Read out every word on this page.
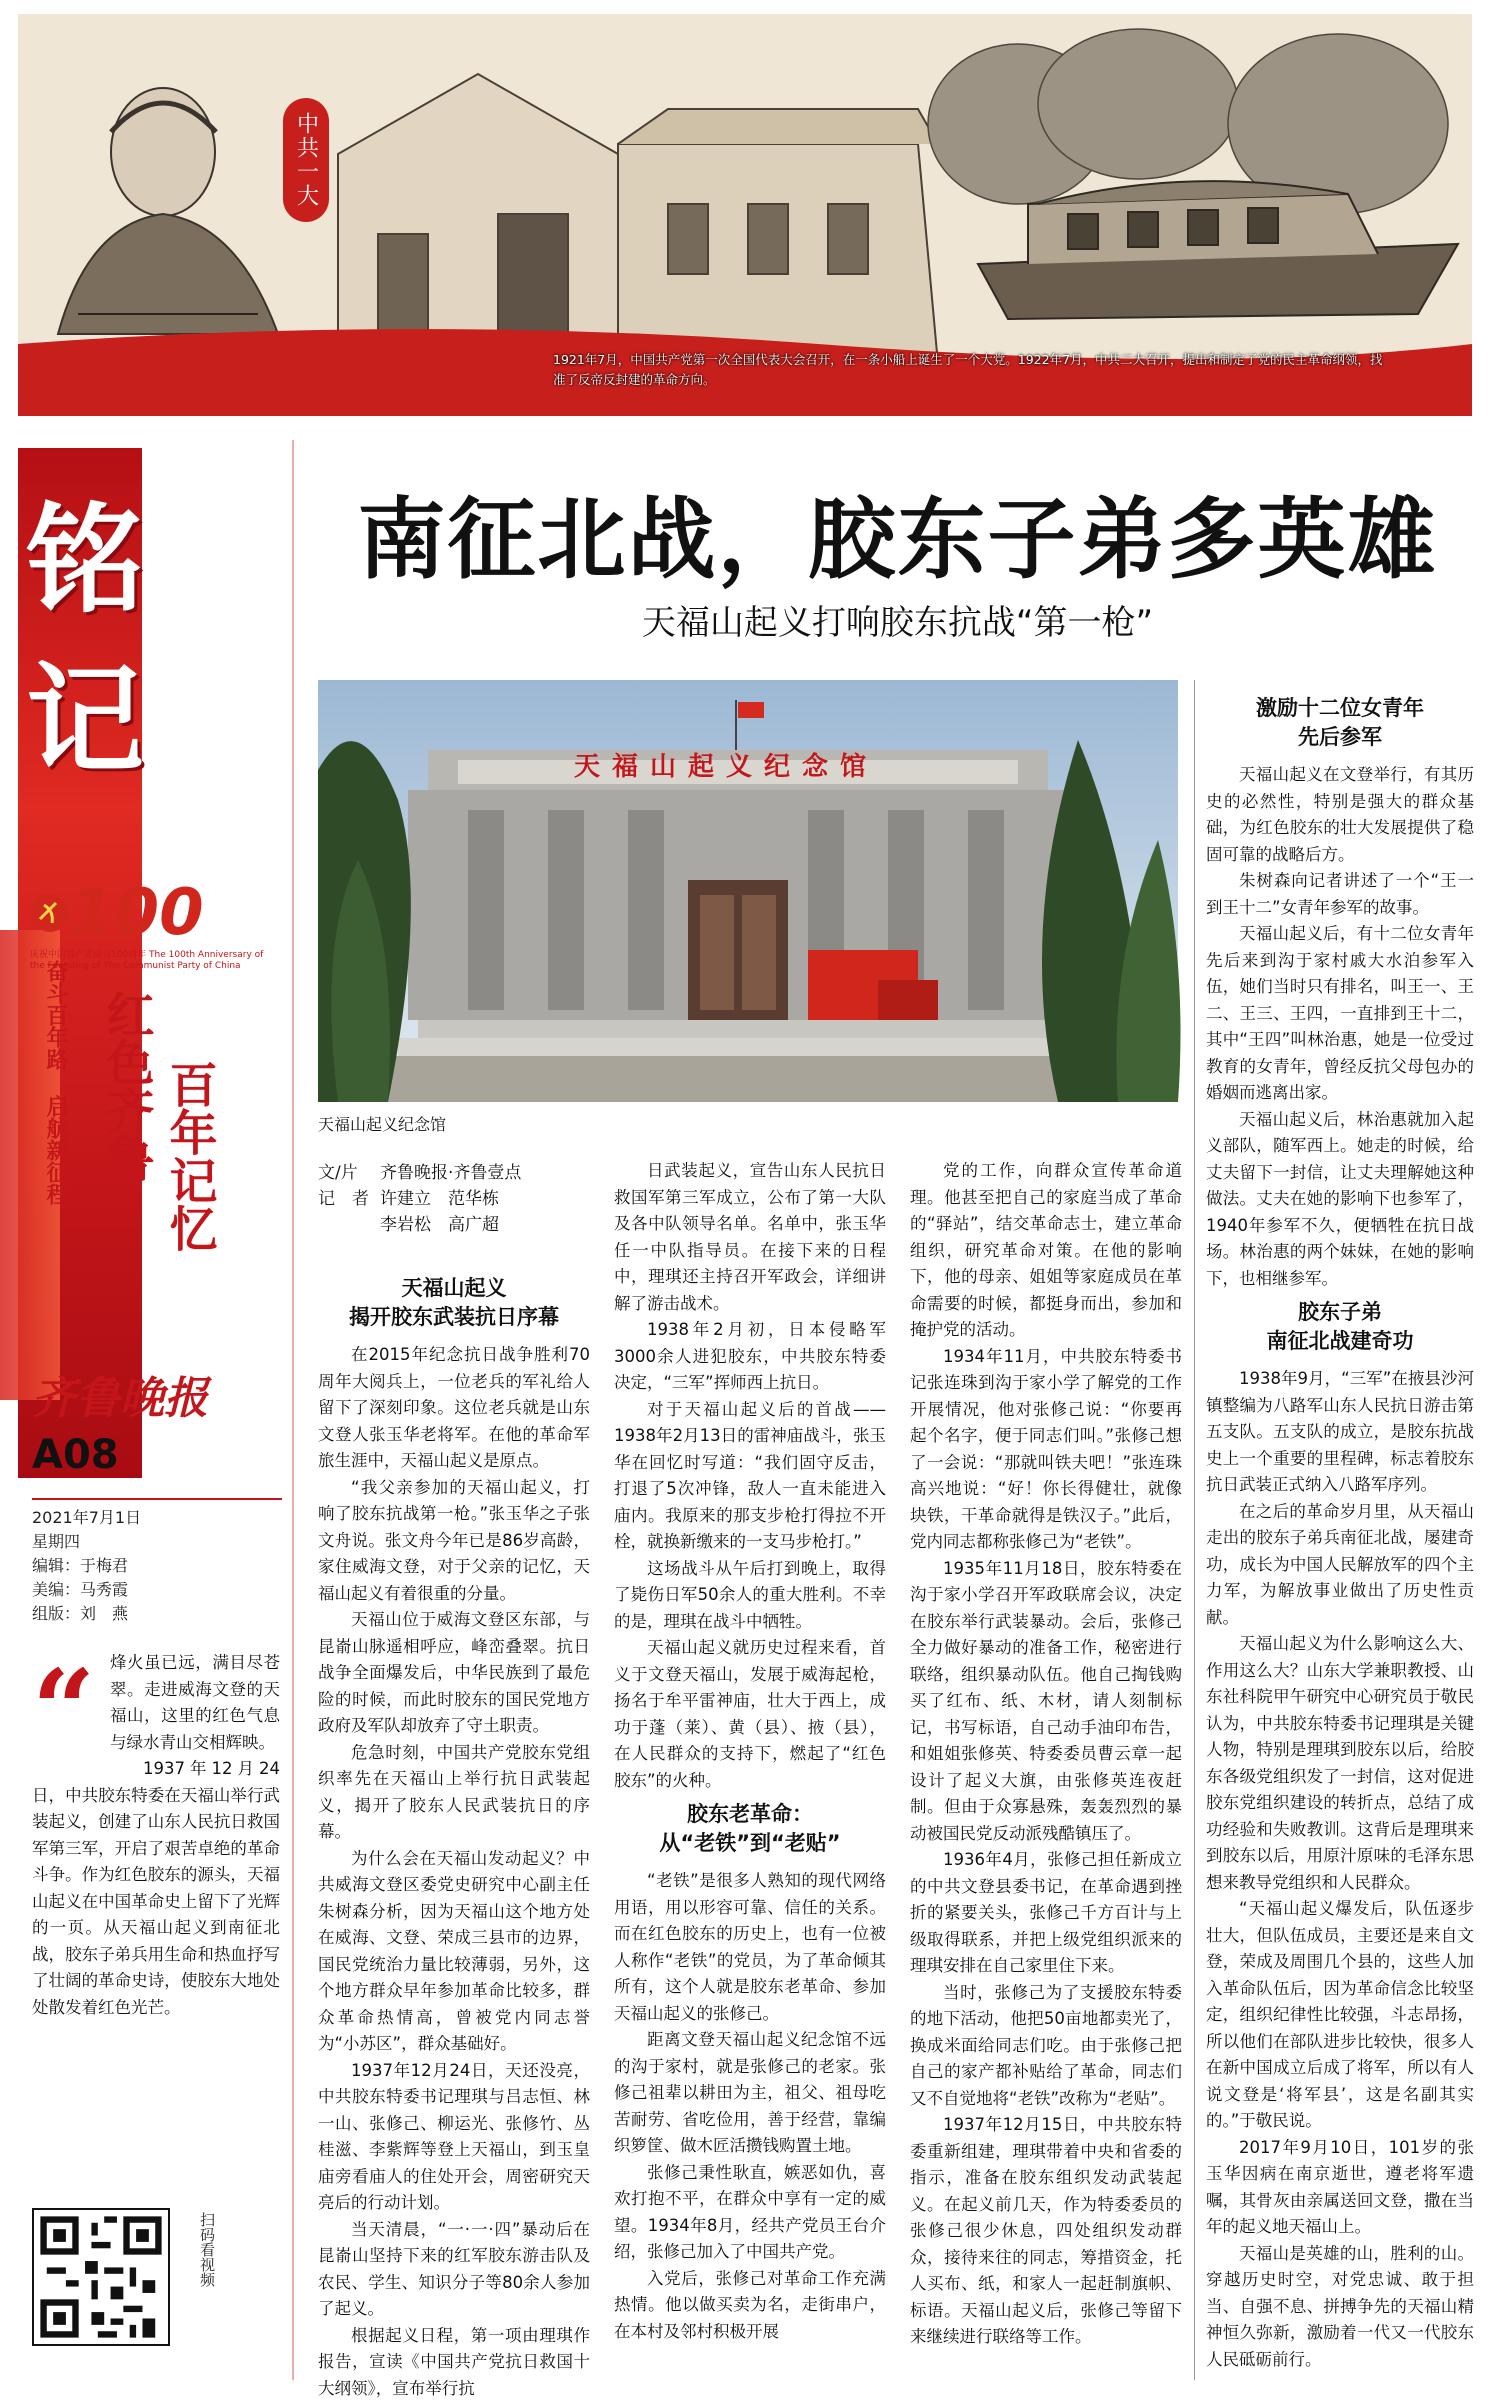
中共一大
1921年7月，中国共产党第一次全国代表大会召开，在一条小船上诞生了一个大党。1922年7月，中共二大召开，提出和制定了党的民主革命纲领，找准了反帝反封建的革命方向。
铭记
100
庆祝中国共产党成立100周年 The 100th Anniversary of the Founding of The Communist Party of China
奋斗百年路 启航新征程 红色齐鲁 百年记忆
齐鲁晚报
A08
2021年7月1日
星期四
编辑：于梅君
美编：马秀霞
组版：刘　燕
“ 烽火虽已远，满目尽苍翠。走进威海文登的天福山，这里的红色气息与绿水青山交相辉映。
1937年12月24日，中共胶东特委在天福山举行武装起义，创建了山东人民抗日救国军第三军，开启了艰苦卓绝的革命斗争。作为红色胶东的源头，天福山起义在中国革命史上留下了光辉的一页。从天福山起义到南征北战，胶东子弟兵用生命和热血抒写了壮阔的革命史诗，使胶东大地处处散发着红色光芒。
扫码看视频
南征北战，胶东子弟多英雄
天福山起义打响胶东抗战“第一枪”
天福山起义纪念馆
天福山起义纪念馆
文/片 齐鲁晚报·齐鲁壹点
记　者 许建立　范华栋
李岩松　高广超
天福山起义
揭开胶东武装抗日序幕

在2015年纪念抗日战争胜利70周年大阅兵上，一位老兵的军礼给人留下了深刻印象。这位老兵就是山东文登人张玉华老将军。在他的革命军旅生涯中，天福山起义是原点。

“我父亲参加的天福山起义，打响了胶东抗战第一枪。”张玉华之子张文舟说。张文舟今年已是86岁高龄，家住威海文登，对于父亲的记忆，天福山起义有着很重的分量。

天福山位于威海文登区东部，与昆嵛山脉遥相呼应，峰峦叠翠。抗日战争全面爆发后，中华民族到了最危险的时候，而此时胶东的国民党地方政府及军队却放弃了守土职责。

危急时刻，中国共产党胶东党组织率先在天福山上举行抗日武装起义，揭开了胶东人民武装抗日的序幕。

为什么会在天福山发动起义？中共威海文登区委党史研究中心副主任朱树森分析，因为天福山这个地方处在威海、文登、荣成三县市的边界，国民党统治力量比较薄弱，另外，这个地方群众早年参加革命比较多，群众革命热情高，曾被党内同志誉为“小苏区”，群众基础好。

1937年12月24日，天还没亮，中共胶东特委书记理琪与吕志恒、林一山、张修己、柳运光、张修竹、丛桂滋、李紫辉等登上天福山，到玉皇庙旁看庙人的住处开会，周密研究天亮后的行动计划。

当天清晨，“一·一·四”暴动后在昆嵛山坚持下来的红军胶东游击队及农民、学生、知识分子等80余人参加了起义。

根据起义日程，第一项由理琪作报告，宣读《中国共产党抗日救国十大纲领》，宣布举行抗

日武装起义，宣告山东人民抗日救国军第三军成立，公布了第一大队及各中队领导名单。名单中，张玉华任一中队指导员。在接下来的日程中，理琪还主持召开军政会，详细讲解了游击战术。

1938年2月初，日本侵略军3000余人进犯胶东，中共胶东特委决定，“三军”挥师西上抗日。

对于天福山起义后的首战——1938年2月13日的雷神庙战斗，张玉华在回忆时写道：“我们固守反击，打退了5次冲锋，敌人一直未能进入庙内。我原来的那支步枪打得拉不开栓，就换新缴来的一支马步枪打。”

这场战斗从午后打到晚上，取得了毙伤日军50余人的重大胜利。不幸的是，理琪在战斗中牺牲。

天福山起义就历史过程来看，首义于文登天福山，发展于威海起枪，扬名于牟平雷神庙，壮大于西上，成功于蓬（莱）、黄（县）、掖（县），在人民群众的支持下，燃起了“红色胶东”的火种。

胶东老革命：
从“老铁”到“老贴”

“老铁”是很多人熟知的现代网络用语，用以形容可靠、信任的关系。而在红色胶东的历史上，也有一位被人称作“老铁”的党员，为了革命倾其所有，这个人就是胶东老革命、参加天福山起义的张修己。

距离文登天福山起义纪念馆不远的沟于家村，就是张修己的老家。张修己祖辈以耕田为主，祖父、祖母吃苦耐劳、省吃俭用，善于经营，靠编织箩筐、做木匠活攒钱购置土地。

张修己秉性耿直，嫉恶如仇，喜欢打抱不平，在群众中享有一定的威望。1934年8月，经共产党员王台介绍，张修己加入了中国共产党。

入党后，张修己对革命工作充满热情。他以做买卖为名，走街串户，在本村及邻村积极开展

党的工作，向群众宣传革命道理。他甚至把自己的家庭当成了革命的“驿站”，结交革命志士，建立革命组织，研究革命对策。在他的影响下，他的母亲、姐姐等家庭成员在革命需要的时候，都挺身而出，参加和掩护党的活动。

1934年11月，中共胶东特委书记张连珠到沟于家小学了解党的工作开展情况，他对张修己说：“你要再起个名字，便于同志们叫。”张修己想了一会说：“那就叫铁夫吧！”张连珠高兴地说：“好！你长得健壮，就像块铁，干革命就得是铁汉子。”此后，党内同志都称张修己为“老铁”。

1935年11月18日，胶东特委在沟于家小学召开军政联席会议，决定在胶东举行武装暴动。会后，张修己全力做好暴动的准备工作，秘密进行联络，组织暴动队伍。他自己掏钱购买了红布、纸、木材，请人刻制标记，书写标语，自己动手油印布告，和姐姐张修英、特委委员曹云章一起设计了起义大旗，由张修英连夜赶制。但由于众寡悬殊，轰轰烈烈的暴动被国民党反动派残酷镇压了。

1936年4月，张修己担任新成立的中共文登县委书记，在革命遇到挫折的紧要关头，张修己千方百计与上级取得联系，并把上级党组织派来的理琪安排在自己家里住下来。

当时，张修己为了支援胶东特委的地下活动，他把50亩地都卖光了，换成米面给同志们吃。由于张修己把自己的家产都补贴给了革命，同志们又不自觉地将“老铁”改称为“老贴”。

1937年12月15日，中共胶东特委重新组建，理琪带着中央和省委的指示，准备在胶东组织发动武装起义。在起义前几天，作为特委委员的张修己很少休息，四处组织发动群众，接待来往的同志，筹措资金，托人买布、纸，和家人一起赶制旗帜、标语。天福山起义后，张修己等留下来继续进行联络等工作。

激励十二位女青年
先后参军

天福山起义在文登举行，有其历史的必然性，特别是强大的群众基础，为红色胶东的壮大发展提供了稳固可靠的战略后方。

朱树森向记者讲述了一个“王一到王十二”女青年参军的故事。

天福山起义后，有十二位女青年先后来到沟于家村戚大水泊参军入伍，她们当时只有排名，叫王一、王二、王三、王四，一直排到王十二，其中“王四”叫林治惠，她是一位受过教育的女青年，曾经反抗父母包办的婚姻而逃离出家。

天福山起义后，林治惠就加入起义部队，随军西上。她走的时候，给丈夫留下一封信，让丈夫理解她这种做法。丈夫在她的影响下也参军了，1940年参军不久，便牺牲在抗日战场。林治惠的两个妹妹，在她的影响下，也相继参军。

胶东子弟
南征北战建奇功

1938年9月，“三军”在掖县沙河镇整编为八路军山东人民抗日游击第五支队。五支队的成立，是胶东抗战史上一个重要的里程碑，标志着胶东抗日武装正式纳入八路军序列。

在之后的革命岁月里，从天福山走出的胶东子弟兵南征北战，屡建奇功，成长为中国人民解放军的四个主力军，为解放事业做出了历史性贡献。

天福山起义为什么影响这么大、作用这么大？山东大学兼职教授、山东社科院甲午研究中心研究员于敬民认为，中共胶东特委书记理琪是关键人物，特别是理琪到胶东以后，给胶东各级党组织发了一封信，这对促进胶东党组织建设的转折点，总结了成功经验和失败教训。这背后是理琪来到胶东以后，用原汁原味的毛泽东思想来教导党组织和人民群众。

“天福山起义爆发后，队伍逐步壮大，但队伍成员，主要还是来自文登，荣成及周围几个县的，这些人加入革命队伍后，因为革命信念比较坚定，组织纪律性比较强，斗志昂扬，所以他们在部队进步比较快，很多人在新中国成立后成了将军，所以有人说文登是‘将军县’，这是名副其实的。”于敬民说。

2017年9月10日，101岁的张玉华因病在南京逝世，遵老将军遗嘱，其骨灰由亲属送回文登，撒在当年的起义地天福山上。

天福山是英雄的山，胜利的山。穿越历史时空，对党忠诚、敢于担当、自强不息、拼搏争先的天福山精神恒久弥新，激励着一代又一代胶东人民砥砺前行。
